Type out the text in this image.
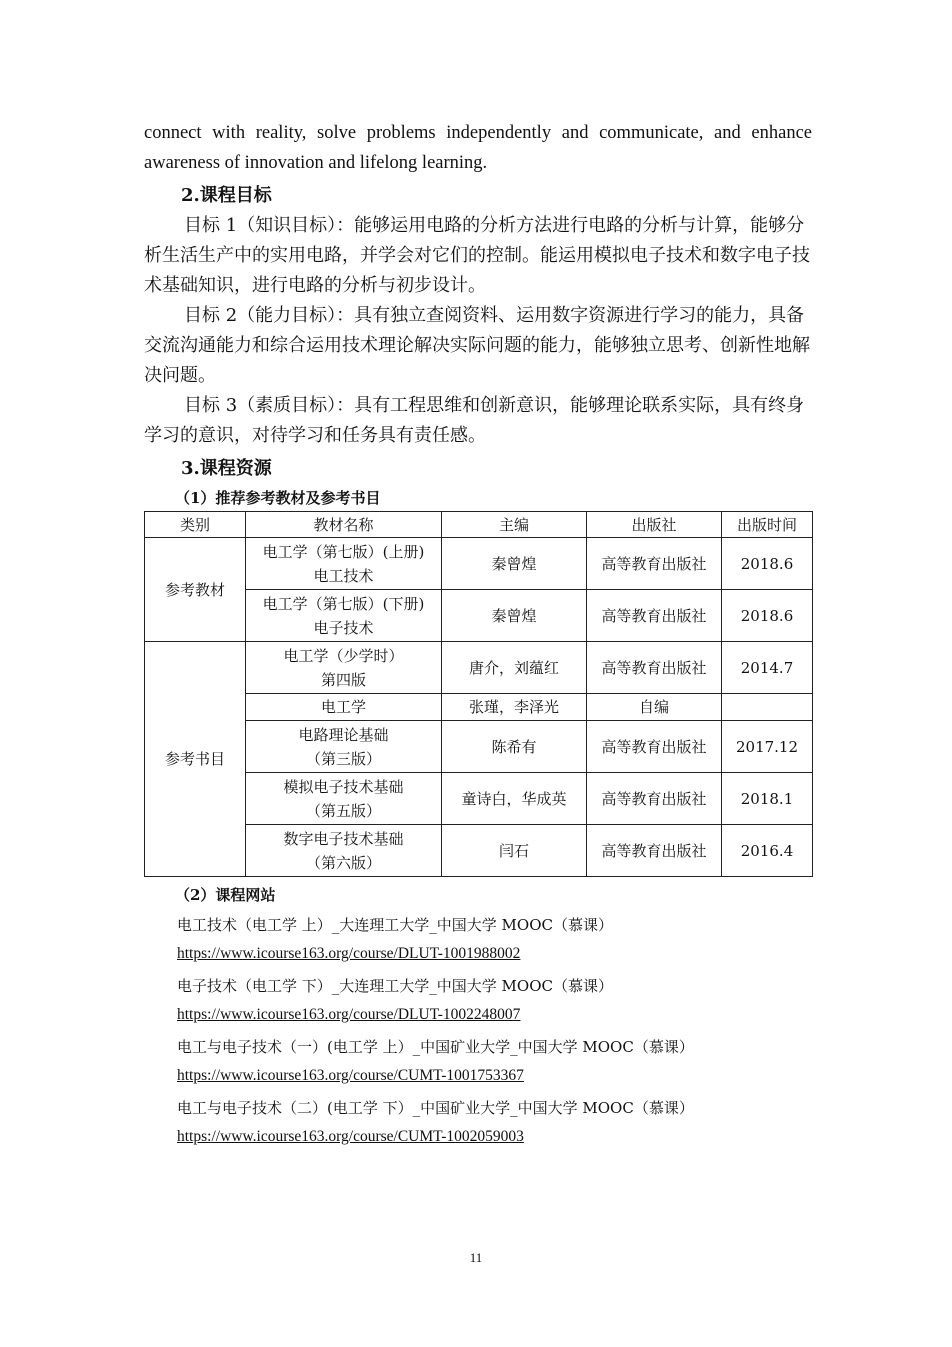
connect with reality, solve problems independently and communicate, and enhance

awareness of innovation and lifelong learning.

2.课程目标

目标 1（知识目标）：能够运用电路的分析方法进行电路的分析与计算，能够分析生活生产中的实用电路，并学会对它们的控制。能运用模拟电子技术和数字电子技术基础知识，进行电路的分析与初步设计。

目标 2（能力目标）：具有独立查阅资料、运用数字资源进行学习的能力，具备交流沟通能力和综合运用技术理论解决实际问题的能力，能够独立思考、创新性地解决问题。

目标 3（素质目标）：具有工程思维和创新意识，能够理论联系实际，具有终身学习的意识，对待学习和任务具有责任感。

3.课程资源

（1）推荐参考教材及参考书目

类别	教材名称	主编	出版社	出版时间
参考教材	电工学（第七版）(上册)
电工技术	秦曾煌	高等教育出版社	2018.6

	电工学（第七版）(下册)
电子技术	秦曾煌	高等教育出版社	2018.6
参考书目	电工学（少学时）
第四版	唐介，刘蕴红	高等教育出版社	2014.7
	电工学	张瑾，李泽光	自编	

	电路理论基础
（第三版）	陈希有	高等教育出版社	2017.12

	模拟电子技术基础
（第五版）	童诗白，华成英	高等教育出版社	2018.1

	数字电子技术基础
（第六版）	闫石	高等教育出版社	2016.4

（2）课程网站

电工技术（电工学 上）_大连理工大学_中国大学 MOOC（慕课）

https://www.icourse163.org/course/DLUT-1001988002

电子技术（电工学 下）_大连理工大学_中国大学 MOOC（慕课）

https://www.icourse163.org/course/DLUT-1002248007

电工与电子技术（一）(电工学 上）_中国矿业大学_中国大学 MOOC（慕课）

https://www.icourse163.org/course/CUMT-1001753367

电工与电子技术（二）(电工学 下）_中国矿业大学_中国大学 MOOC（慕课）

https://www.icourse163.org/course/CUMT-1002059003

11
